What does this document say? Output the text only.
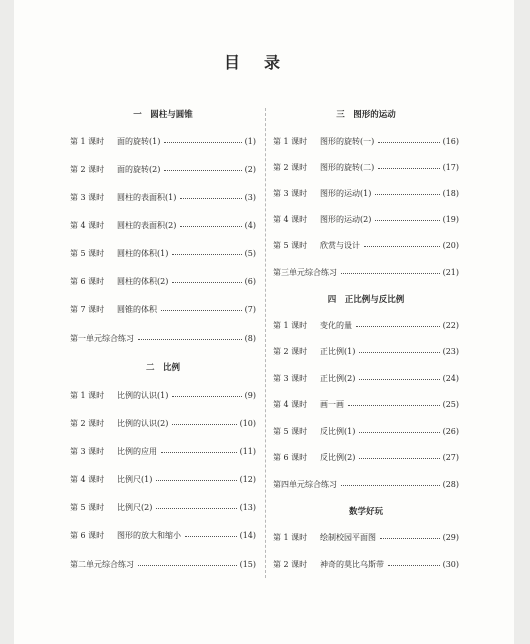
目录
一　圆柱与圆锥
第 1 课时	面的旋转(1)	(1)
第 2 课时	面的旋转(2)	(2)
第 3 课时	圆柱的表面积(1)	(3)
第 4 课时	圆柱的表面积(2)	(4)
第 5 课时	圆柱的体积(1)	(5)
第 6 课时	圆柱的体积(2)	(6)
第 7 课时	圆锥的体积	(7)
第一单元综合练习	(8)
二　比例
第 1 课时	比例的认识(1)	(9)
第 2 课时	比例的认识(2)	(10)
第 3 课时	比例的应用	(11)
第 4 课时	比例尺(1)	(12)
第 5 课时	比例尺(2)	(13)
第 6 课时	图形的放大和缩小	(14)
第二单元综合练习	(15)
三　图形的运动
第 1 课时	图形的旋转(一)	(16)
第 2 课时	图形的旋转(二)	(17)
第 3 课时	图形的运动(1)	(18)
第 4 课时	图形的运动(2)	(19)
第 5 课时	欣赏与设计	(20)
第三单元综合练习	(21)
四　正比例与反比例
第 1 课时	变化的量	(22)
第 2 课时	正比例(1)	(23)
第 3 课时	正比例(2)	(24)
第 4 课时	画一画	(25)
第 5 课时	反比例(1)	(26)
第 6 课时	反比例(2)	(27)
第四单元综合练习	(28)
数学好玩
第 1 课时	绘制校园平面图	(29)
第 2 课时	神奇的莫比乌斯带	(30)
